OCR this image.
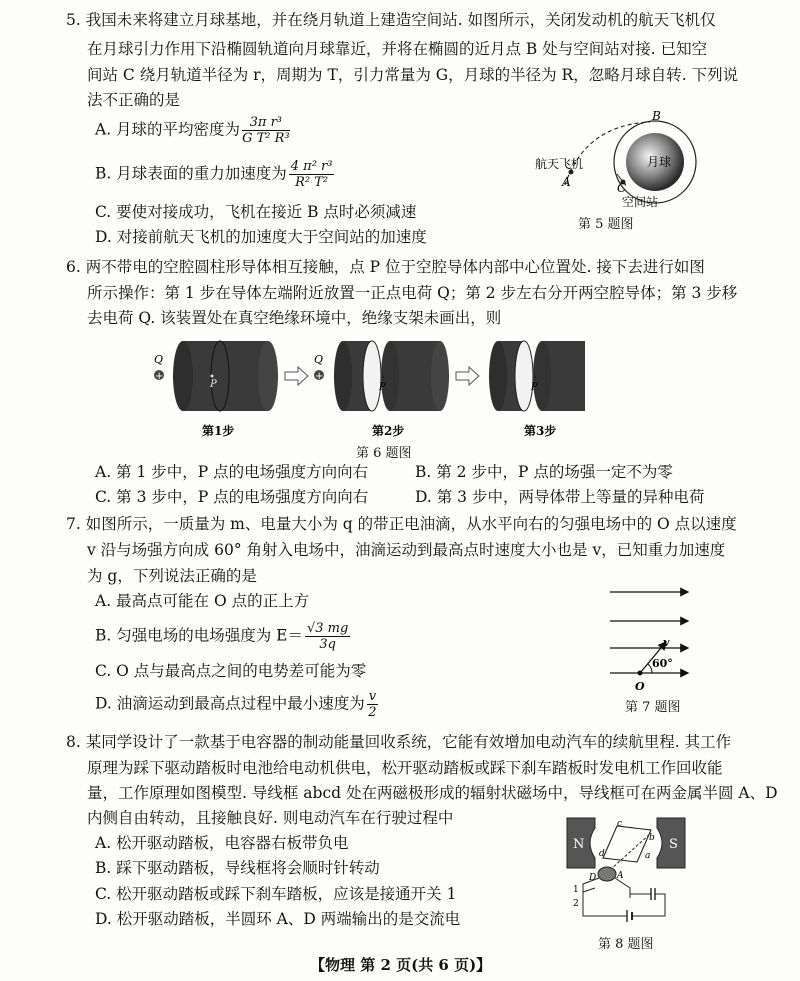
5. 我国未来将建立月球基地，并在绕月轨道上建造空间站. 如图所示，关闭发动机的航天飞机仅
在月球引力作用下沿椭圆轨道向月球靠近，并将在椭圆的近月点 B 处与空间站对接. 已知空
间站 C 绕月轨道半径为 r，周期为 T，引力常量为 G，月球的半径为 R，忽略月球自转. 下列说
法不正确的是
A. 月球的平均密度为 $\frac{\text{3π r³}}{\text{G T² R³}}$
B. 月球表面的重力加速度为 $\frac{\text{4 π² r³}}{\text{R² T²}}$
C. 要使对接成功，飞机在接近 B 点时必须减速
D. 对接前航天飞机的加速度大于空间站的加速度
B
A	C
航天飞机
空间站
月球
第 5 题图
6. 两不带电的空腔圆柱形导体相互接触，点 P 位于空腔导体内部中心位置处. 接下去进行如图
所示操作：第 1 步在导体左端附近放置一正点电荷 Q；第 2 步左右分开两空腔导体；第 3 步移
去电荷 Q. 该装置处在真空绝缘环境中，绝缘支架未画出，则
Q
+
P
第1步
Q
+
P
第2步
P
第3步
第 6 题图
A. 第 1 步中，P 点的电场强度方向向右	B. 第 2 步中，P 点的场强一定不为零
C. 第 3 步中，P 点的电场强度方向向右	D. 第 3 步中，两导体带上等量的异种电荷
7. 如图所示，一质量为 m、电量大小为 q 的带正电油滴，从水平向右的匀强电场中的 O 点以速度
v 沿与场强方向成 60° 角射入电场中，油滴运动到最高点时速度大小也是 v，已知重力加速度
为 g，下列说法正确的是
A. 最高点可能在 O 点的正上方
B. 匀强电场的电场强度为 $E= \frac{√3 mg}{3q}$
C. O 点与最高点之间的电势差可能为零
D. 油滴运动到最高点过程中最小速度为 $\frac{v}{2}$
v
60°
O
第 7 题图
8. 某同学设计了一款基于电容器的制动能量回收系统，它能有效增加电动汽车的续航里程. 其工作
原理为踩下驱动踏板时电池给电动机供电，松开驱动踏板或踩下刹车踏板时发电机工作回收能
量，工作原理如图模型. 导线框 abcd 处在两磁极形成的辐射状磁场中，导线框可在两金属半圆 A、D
内侧自由转动，且接触良好. 则电动汽车在行驶过程中
A. 松开驱动踏板，电容器右板带负电
B. 踩下驱动踏板，导线框将会顺时针转动
C. 松开驱动踏板或踩下刹车踏板，应该是接通开关 1
D. 松开驱动踏板，半圆环 A、D 两端输出的是交流电
N	S
c
b
a
d
A
D
1
2
第 8 题图
【物理 第 2 页(共 6 页)】
